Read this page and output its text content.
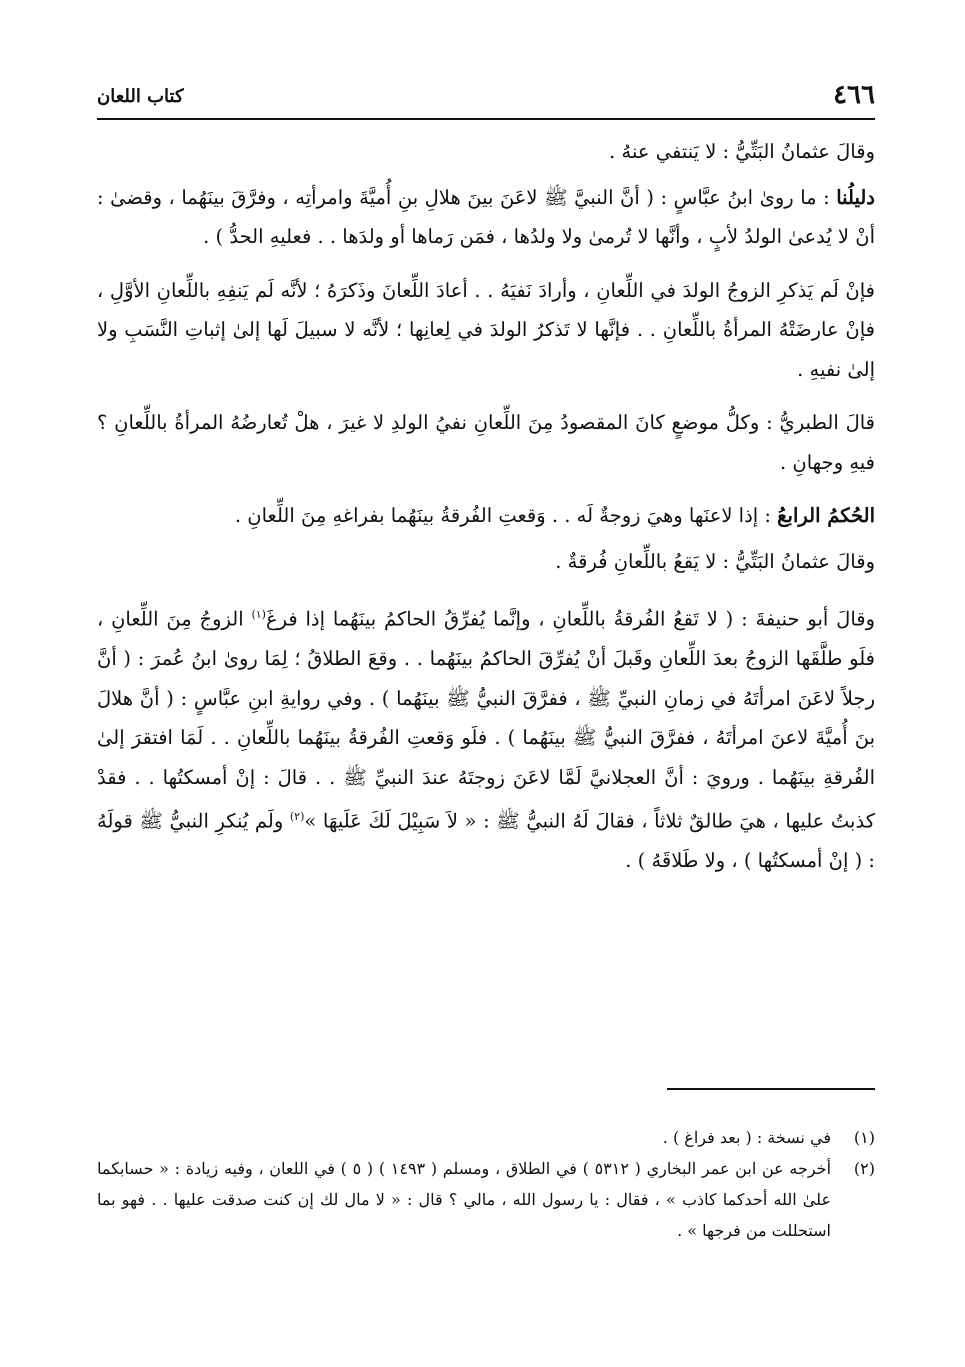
٤٦٦
كتاب اللعان

وقالَ عثمانُ البَتِّيُّ : لا يَنتفي عنهُ .

دليلُنا : ما روىٰ ابنُ عبَّاسٍ : ( أنَّ النبيَّ ﷺ لاعَنَ بينَ هلالِ بنِ أُميَّةَ وامرأتِه ، وفرَّقَ بينَهُما ، وقضىٰ : أنْ لا يُدعىٰ الولدُ لأبٍ ، وأنَّها لا تُرمىٰ ولا ولدُها ، فمَن رَماها أو ولدَها . . فعليهِ الحدُّ ) .

فإنْ لَم يَذكرِ الزوجُ الولدَ في اللِّعانِ ، وأرادَ نَفيَهُ . . أعادَ اللِّعانَ وذَكرَهُ ؛ لأنَّه لَم يَنفِهِ باللِّعانِ الأوَّلِ ، فإنْ عارضَتْهُ المرأةُ باللِّعانِ . . فإنَّها لا تَذكرُ الولدَ في لِعانِها ؛ لأنَّه لا سبيلَ لَها إلىٰ إثباتِ النَّسَبِ ولا إلىٰ نفيهِ .

قالَ الطبريُّ : وكلُّ موضعٍ كانَ المقصودُ مِنَ اللِّعانِ نفيُ الولدِ لا غيرَ ، هلْ تُعارضُهُ المرأةُ باللِّعانِ ؟ فيهِ وجهانِ .

الحُكمُ الرابعُ : إذا لاعنَها وهيَ زوجةٌ لَه . . وَقعتِ الفُرقةُ بينَهُما بفراغهِ مِنَ اللِّعانِ .

وقالَ عثمانُ البَتِّيُّ : لا يَقعُ باللِّعانِ فُرقةٌ .

وقالَ أبو حنيفةَ : ( لا تَقعُ الفُرقةُ باللِّعانِ ، وإنَّما يُفرِّقُ الحاكمُ بينَهُما إذا فرغَ$^{(١)}$ الزوجُ مِنَ اللِّعانِ ، فلَو طلَّقَها الزوجُ بعدَ اللِّعانِ وقَبلَ أنْ يُفرِّقَ الحاكمُ بينَهُما . . وقعَ الطلاقُ ؛ لِمَا روىٰ ابنُ عُمرَ : ( أنَّ رجلاً لاعَنَ امرأتَهُ في زمانِ النبيِّ ﷺ ، ففرَّقَ النبيُّ ﷺ بينَهُما ) . وفي روايةِ ابنِ عبَّاسٍ : ( أنَّ هلالَ بنَ أُميَّةَ لاعنَ امرأتَهُ ، ففرَّقَ النبيُّ ﷺ بينَهُما ) . فلَو وَقعتِ الفُرقةُ بينَهُما باللِّعانِ . . لَمَا افتقرَ إلىٰ الفُرقةِ بينَهُما . ورويَ : أنَّ العجلانيَّ لَمَّا لاعَنَ زوجتَهُ عندَ النبيِّ ﷺ . . قالَ : إنْ أمسكتُها . . فقدْ كذبتُ عليها ، هيَ طالقٌ ثلاثاً ، فقالَ لَهُ النبيُّ ﷺ : « لاَ سَبِيْلَ لَكَ عَلَيهَا »$^{(٢)}$ ولَم يُنكرِ النبيُّ ﷺ قولَهُ : ( إنْ أمسكتُها ) ، ولا طَلاقَهُ ) .

(١)
في نسخة : ( بعد فراغ ) .
(٢)
أخرجه عن ابن عمر البخاري ( ٥٣١٢ ) في الطلاق ، ومسلم ( ١٤٩٣ ) ( ٥ ) في اللعان ، وفيه زيادة : « حسابكما علىٰ الله أحدكما كاذب » ، فقال : يا رسول الله ، مالي ؟ قال : « لا مال لك إن كنت صدقت عليها . . فهو بما استحللت من فرجها » .
